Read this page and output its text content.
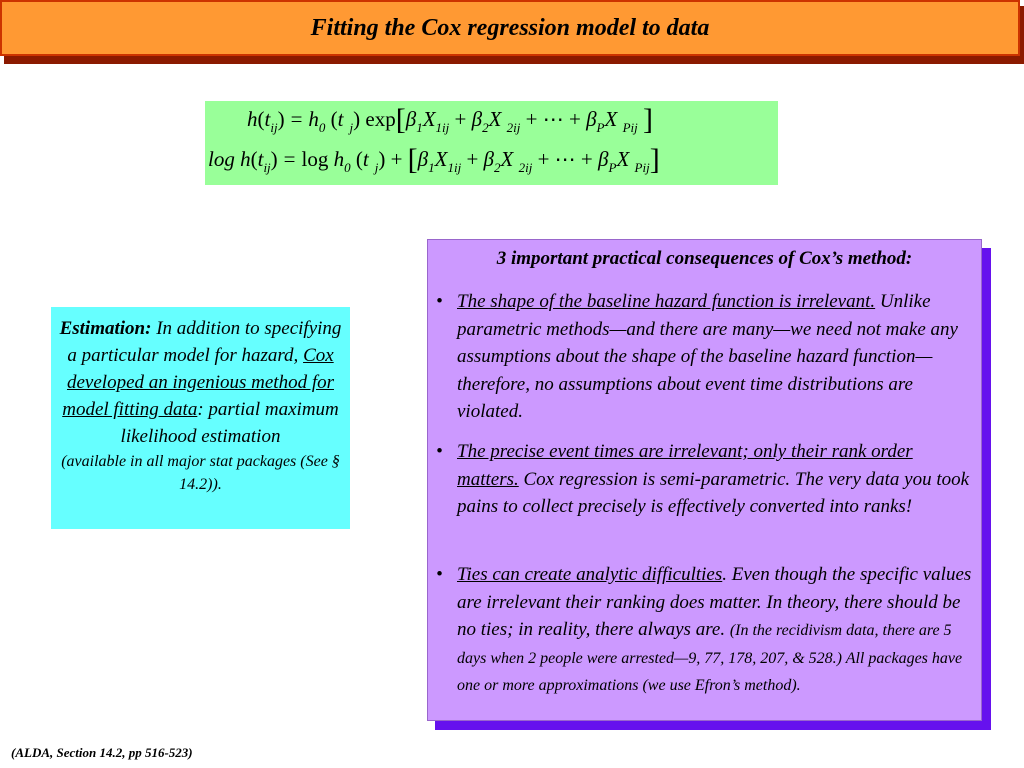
Fitting the Cox regression model to data
$h(t_{ij}) = h_0$ (t $_j$) $\exp[\beta_1X_{1ij} + \beta_2X$ $_{2ij}$ + ⋯ + $\beta_PX$ $_{Pij}$ ]
$\log h(t_{ij}) = \log h_0$ (t $_j) + [\beta_1X_{1ij} + \beta_2X$ $_{2ij}$ + ⋯ + $\beta_PX$ $_{Pij}$]
Estimation: In addition to specifying a particular model for hazard, Cox developed an ingenious method for model fitting data: partial maximum likelihood estimation
(available in all major stat packages (See § 14.2)).
3 important practical consequences of Cox’s method:
• The shape of the baseline hazard function is irrelevant. Unlike parametric methods—and there are many—we need not make any assumptions about the shape of the baseline hazard function—therefore, no assumptions about event time distributions are violated.
• The precise event times are irrelevant; only their rank order matters. Cox regression is semi-parametric. The very data you took pains to collect precisely is effectively converted into ranks!
• Ties can create analytic difficulties. Even though the specific values are irrelevant their ranking does matter. In theory, there should be no ties; in reality, there always are. (In the recidivism data, there are 5 days when 2 people were arrested—9, 77, 178, 207, & 528.) All packages have one or more approximations (we use Efron’s method).
(ALDA, Section 14.2, pp 516-523)
